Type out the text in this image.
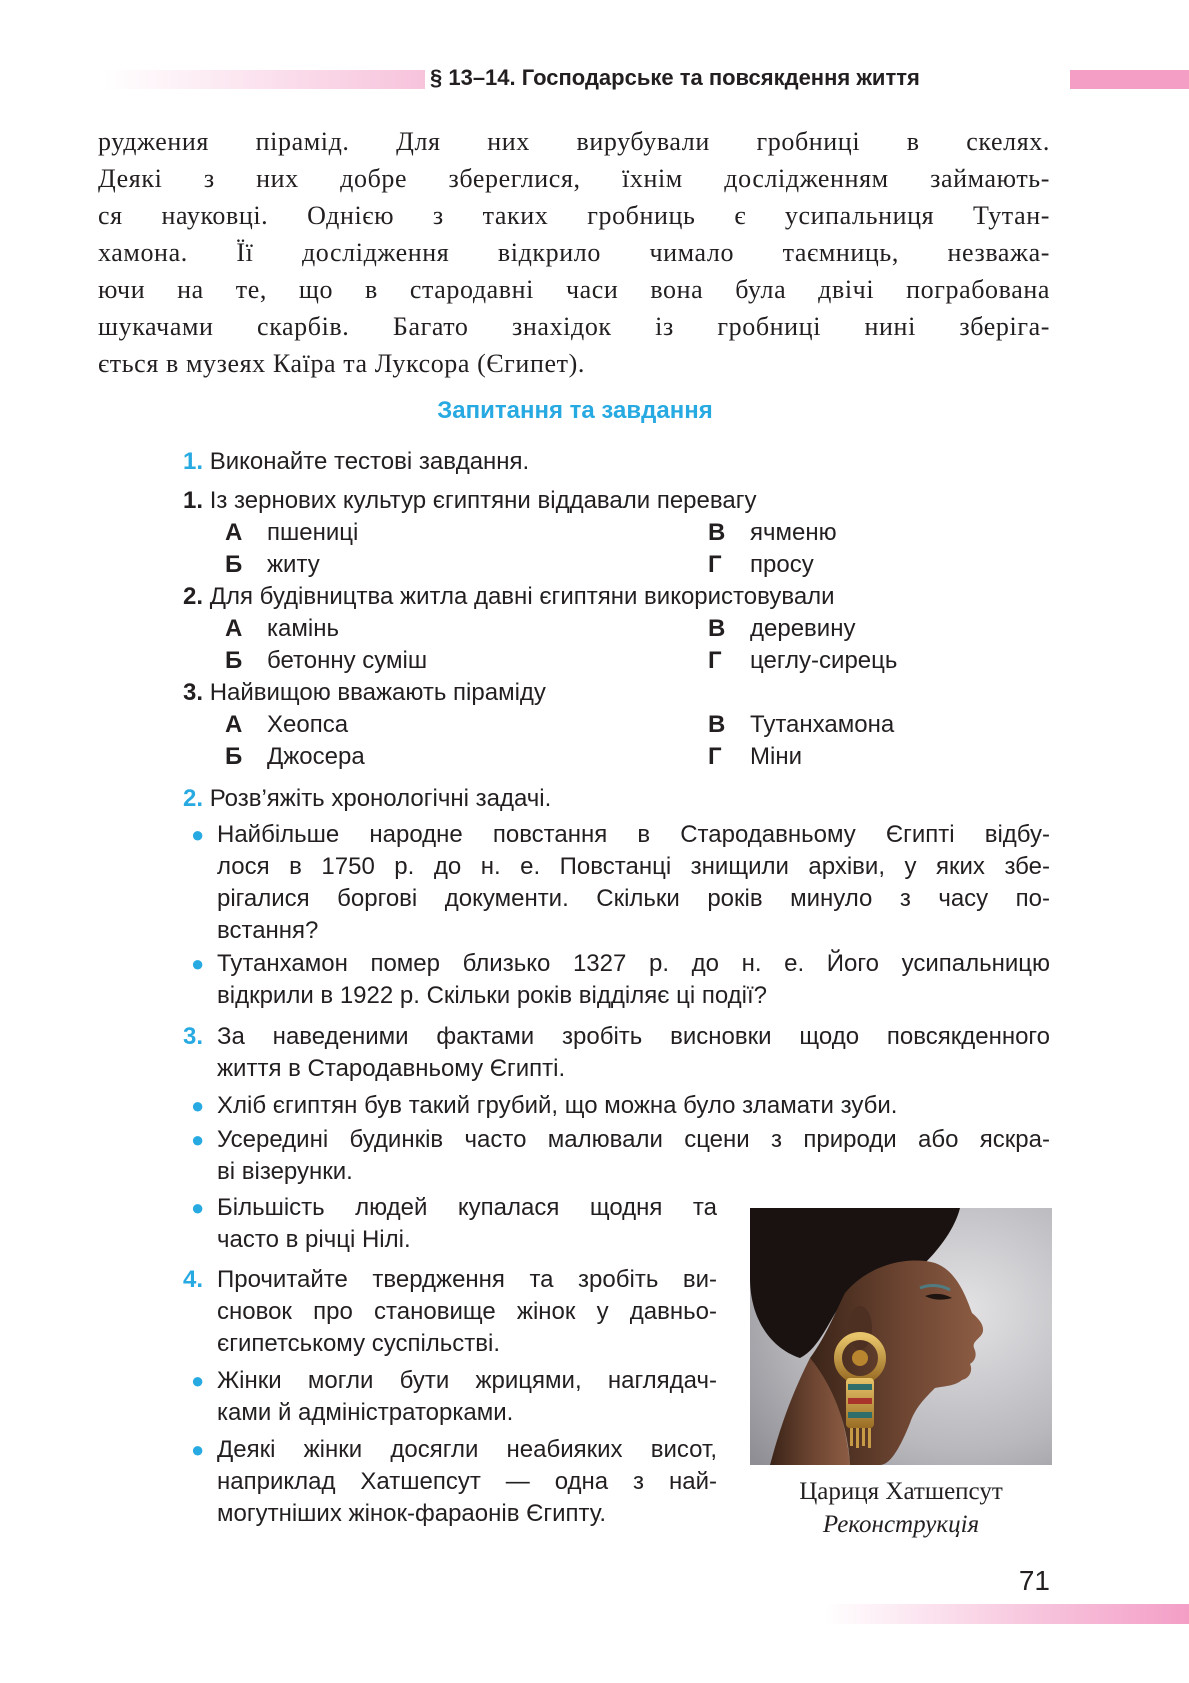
§ 13–14. Господарське та повсякдення життя
руджения пірамід. Для них вирубували гробниці в скелях.
Деякі з них добре збереглися, їхнім дослідженням займають-
ся науковці. Однією з таких гробниць є усипальниця Тутан-
хамона. Її дослідження відкрило чимало таємниць, незважа-
ючи на те, що в стародавні часи вона була двічі пограбована
шукачами скарбів. Багато знахідок із гробниці нині зберіга-
ється в музеях Каїра та Луксора (Єгипет).
Запитання та завдання
1. Виконайте тестові завдання.
1. Із зернових культур єгиптяни віддавали перевагу
А пшениці	В ячменю
Б житу	Г просу
2. Для будівництва житла давні єгиптяни використовували
А камінь	В деревину
Б бетонну суміш	Г цеглу-сирець
3. Найвищою вважають піраміду
А Хеопса	В Тутанхамона
Б Джосера	Г Міни
2. Розв’яжіть хронологічні задачі.
● Найбільше народне повстання в Стародавньому Єгипті відбу-
лося в 1750 р. до н. е. Повстанці знищили архіви, у яких збе-
рігалися боргові документи. Скільки років минуло з часу по-
встання?
● Тутанхамон помер близько 1327 р. до н. е. Його усипальницю
відкрили в 1922 р. Скільки років відділяє ці події?
3. За наведеними фактами зробіть висновки щодо повсякденного
життя в Стародавньому Єгипті.
● Хліб єгиптян був такий грубий, що можна було зламати зуби.
● Усередині будинків часто малювали сцени з природи або яскра-
ві візерунки.
● Більшість людей купалася щодня та
часто в річці Нілі.
4. Прочитайте твердження та зробіть ви-
сновок про становище жінок у давньо-
єгипетському суспільстві.
● Жінки могли бути жрицями, наглядач-
ками й адміністраторками.
● Деякі жінки досягли неабияких висот,
наприклад Хатшепсут — одна з най-
могутніших жінок-фараонів Єгипту.
Цариця Хатшепсут
Реконструкція
71
